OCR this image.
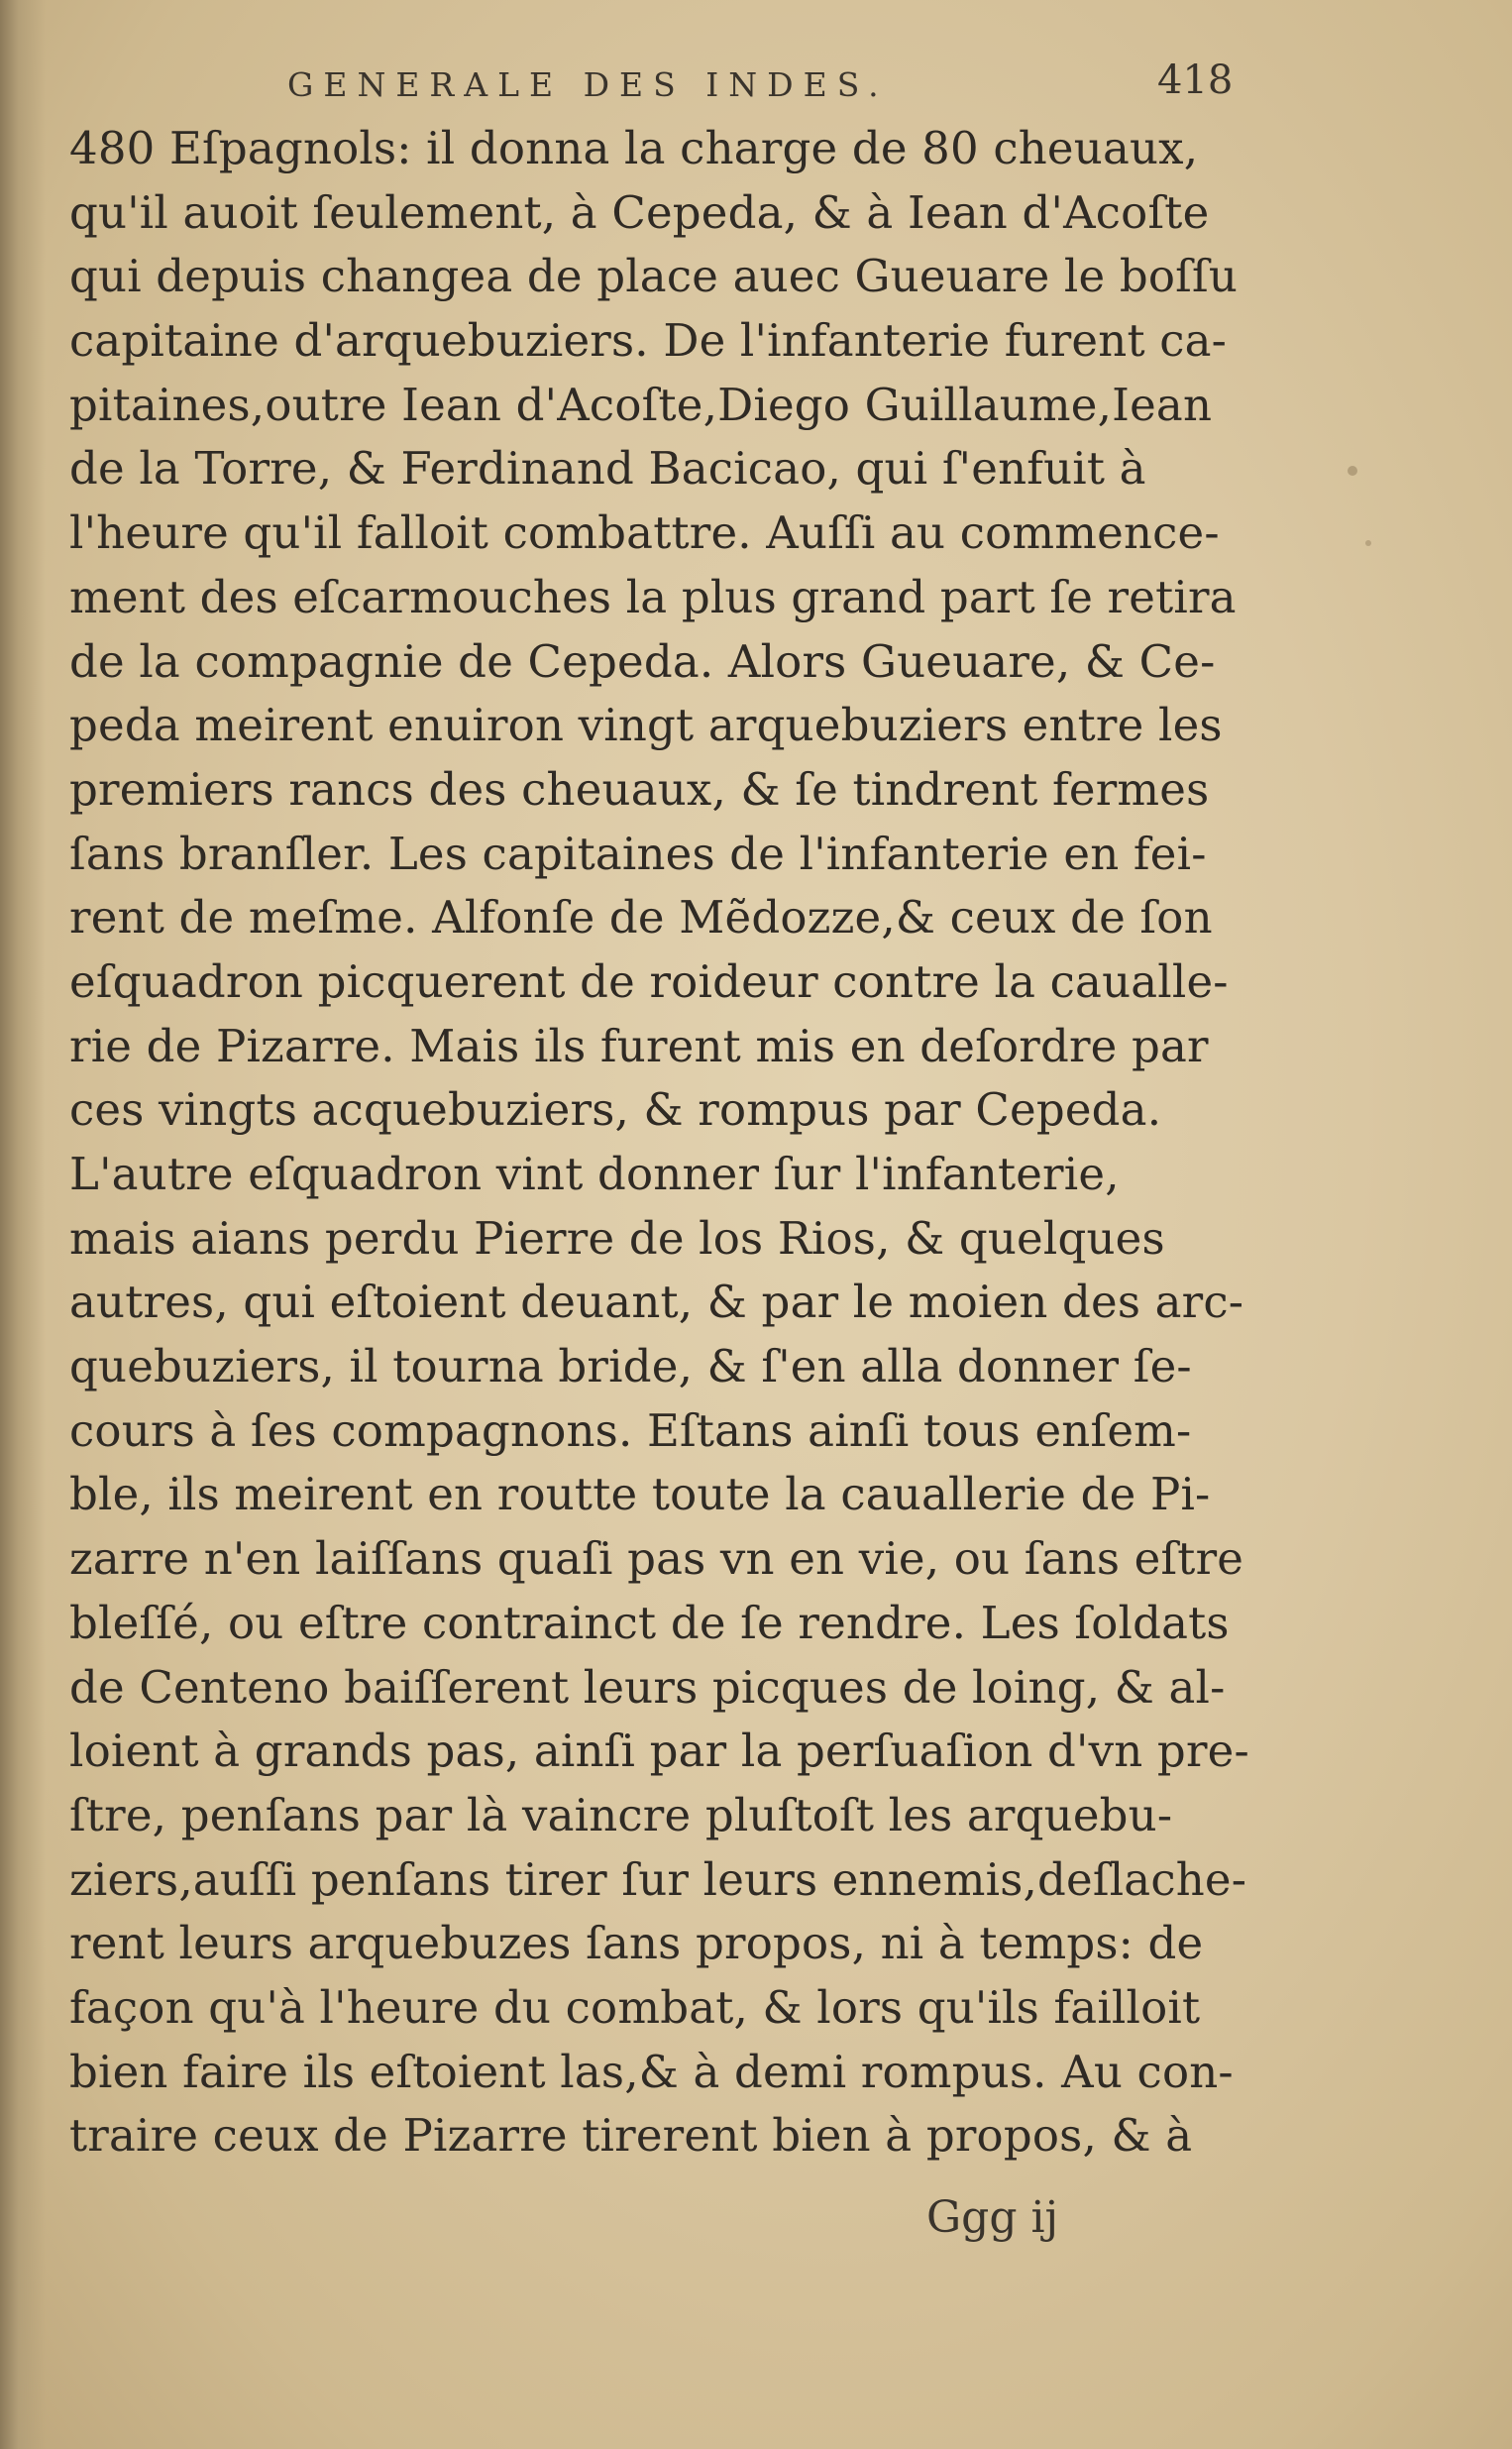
GENERALE DES INDES.	418
480 Eſpagnols: il donna la charge de 80 cheuaux,
qu'il auoit ſeulement, à Cepeda, & à Iean d'Acoſte
qui depuis changea de place auec Gueuare le boſſu
capitaine d'arquebuziers. De l'infanterie furent ca-
pitaines,outre Iean d'Acoſte,Diego Guillaume,Iean
de la Torre, & Ferdinand Bacicao, qui ſ'enfuit à
l'heure qu'il falloit combattre. Auſſi au commence-
ment des eſcarmouches la plus grand part ſe retira
de la compagnie de Cepeda. Alors Gueuare, & Ce-
peda meirent enuiron vingt arquebuziers entre les
premiers rancs des cheuaux, & ſe tindrent fermes
ſans branſler. Les capitaines de l'infanterie en fei-
rent de meſme. Alfonſe de Mẽdozze,& ceux de ſon
eſquadron picquerent de roideur contre la caualle-
rie de Pizarre. Mais ils furent mis en deſordre par
ces vingts acquebuziers, & rompus par Cepeda.
L'autre eſquadron vint donner ſur l'infanterie,
mais aians perdu Pierre de los Rios, & quelques
autres, qui eſtoient deuant, & par le moien des arc-
quebuziers, il tourna bride, & ſ'en alla donner ſe-
cours à ſes compagnons. Eſtans ainſi tous enſem-
ble, ils meirent en routte toute la cauallerie de Pi-
zarre n'en laiſſans quaſi pas vn en vie, ou ſans eſtre
bleſſé, ou eſtre contrainct de ſe rendre. Les ſoldats
de Centeno baiſſerent leurs picques de loing, & al-
loient à grands pas, ainſi par la perſuaſion d'vn pre-
ſtre, penſans par là vaincre pluſtoſt les arquebu-
ziers,auſſi penſans tirer ſur leurs ennemis,deſlache-
rent leurs arquebuzes ſans propos, ni à temps: de
façon qu'à l'heure du combat, & lors qu'ils failloit
bien faire ils eſtoient las,& à demi rompus. Au con-
traire ceux de Pizarre tirerent bien à propos, & à
Ggg ij
